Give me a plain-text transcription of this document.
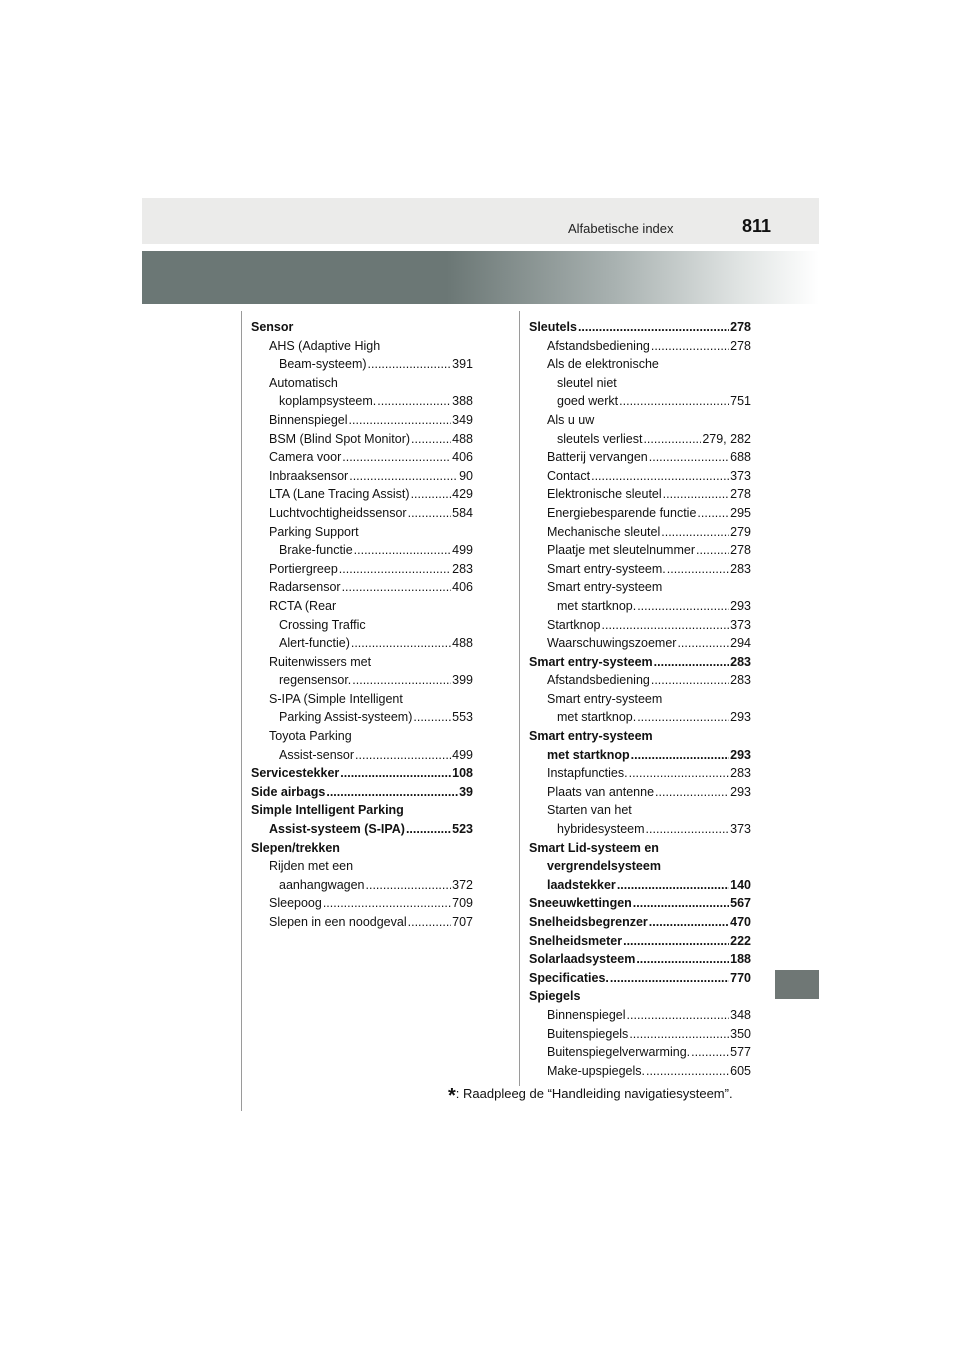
Alfabetische index	811
Sensor
AHS (Adaptive High
Beam-systeem) .....	391
Automatisch
koplampsysteem. .....	388
Binnenspiegel .....	349
BSM (Blind Spot Monitor) .....	488
Camera voor .....	406
Inbraaksensor .....	90
LTA (Lane Tracing Assist) .....	429
Luchtvochtigheidssensor .....	584
Parking Support
Brake-functie .....	499
Portiergreep .....	283
Radarsensor .....	406
RCTA (Rear
Crossing Traffic
Alert-functie) .....	488
Ruitenwissers met
regensensor. .....	399
S-IPA (Simple Intelligent
Parking Assist-systeem) .....	553
Toyota Parking
Assist-sensor .....	499
Servicestekker .....	108
Side airbags .....	39
Simple Intelligent Parking
Assist-systeem (S-IPA) .....	523
Slepen/trekken
Rijden met een
aanhangwagen .....	372
Sleepoog .....	709
Slepen in een noodgeval .....	707
Sleutels .....	278
Afstandsbediening .....	278
Als de elektronische
sleutel niet
goed werkt .....	751
Als u uw
sleutels verliest .....	279, 282
Batterij vervangen .....	688
Contact .....	373
Elektronische sleutel .....	278
Energiebesparende functie .....	295
Mechanische sleutel .....	279
Plaatje met sleutelnummer .....	278
Smart entry-systeem. .....	283
Smart entry-systeem
met startknop. .....	293
Startknop .....	373
Waarschuwingszoemer .....	294
Smart entry-systeem .....	283
Afstandsbediening .....	283
Smart entry-systeem
met startknop. .....	293
Smart entry-systeem
met startknop .....	293
Instapfuncties. .....	283
Plaats van antenne .....	293
Starten van het
hybridesysteem .....	373
Smart Lid-systeem en
vergrendelsysteem
laadstekker .....	140
Sneeuwkettingen .....	567
Snelheidsbegrenzer .....	470
Snelheidsmeter .....	222
Solarlaadsysteem .....	188
Specificaties. .....	770
Spiegels
Binnenspiegel .....	348
Buitenspiegels .....	350
Buitenspiegelverwarming. .....	577
Make-upspiegels. .....	605
*: Raadpleeg de “Handleiding navigatiesysteem”.
